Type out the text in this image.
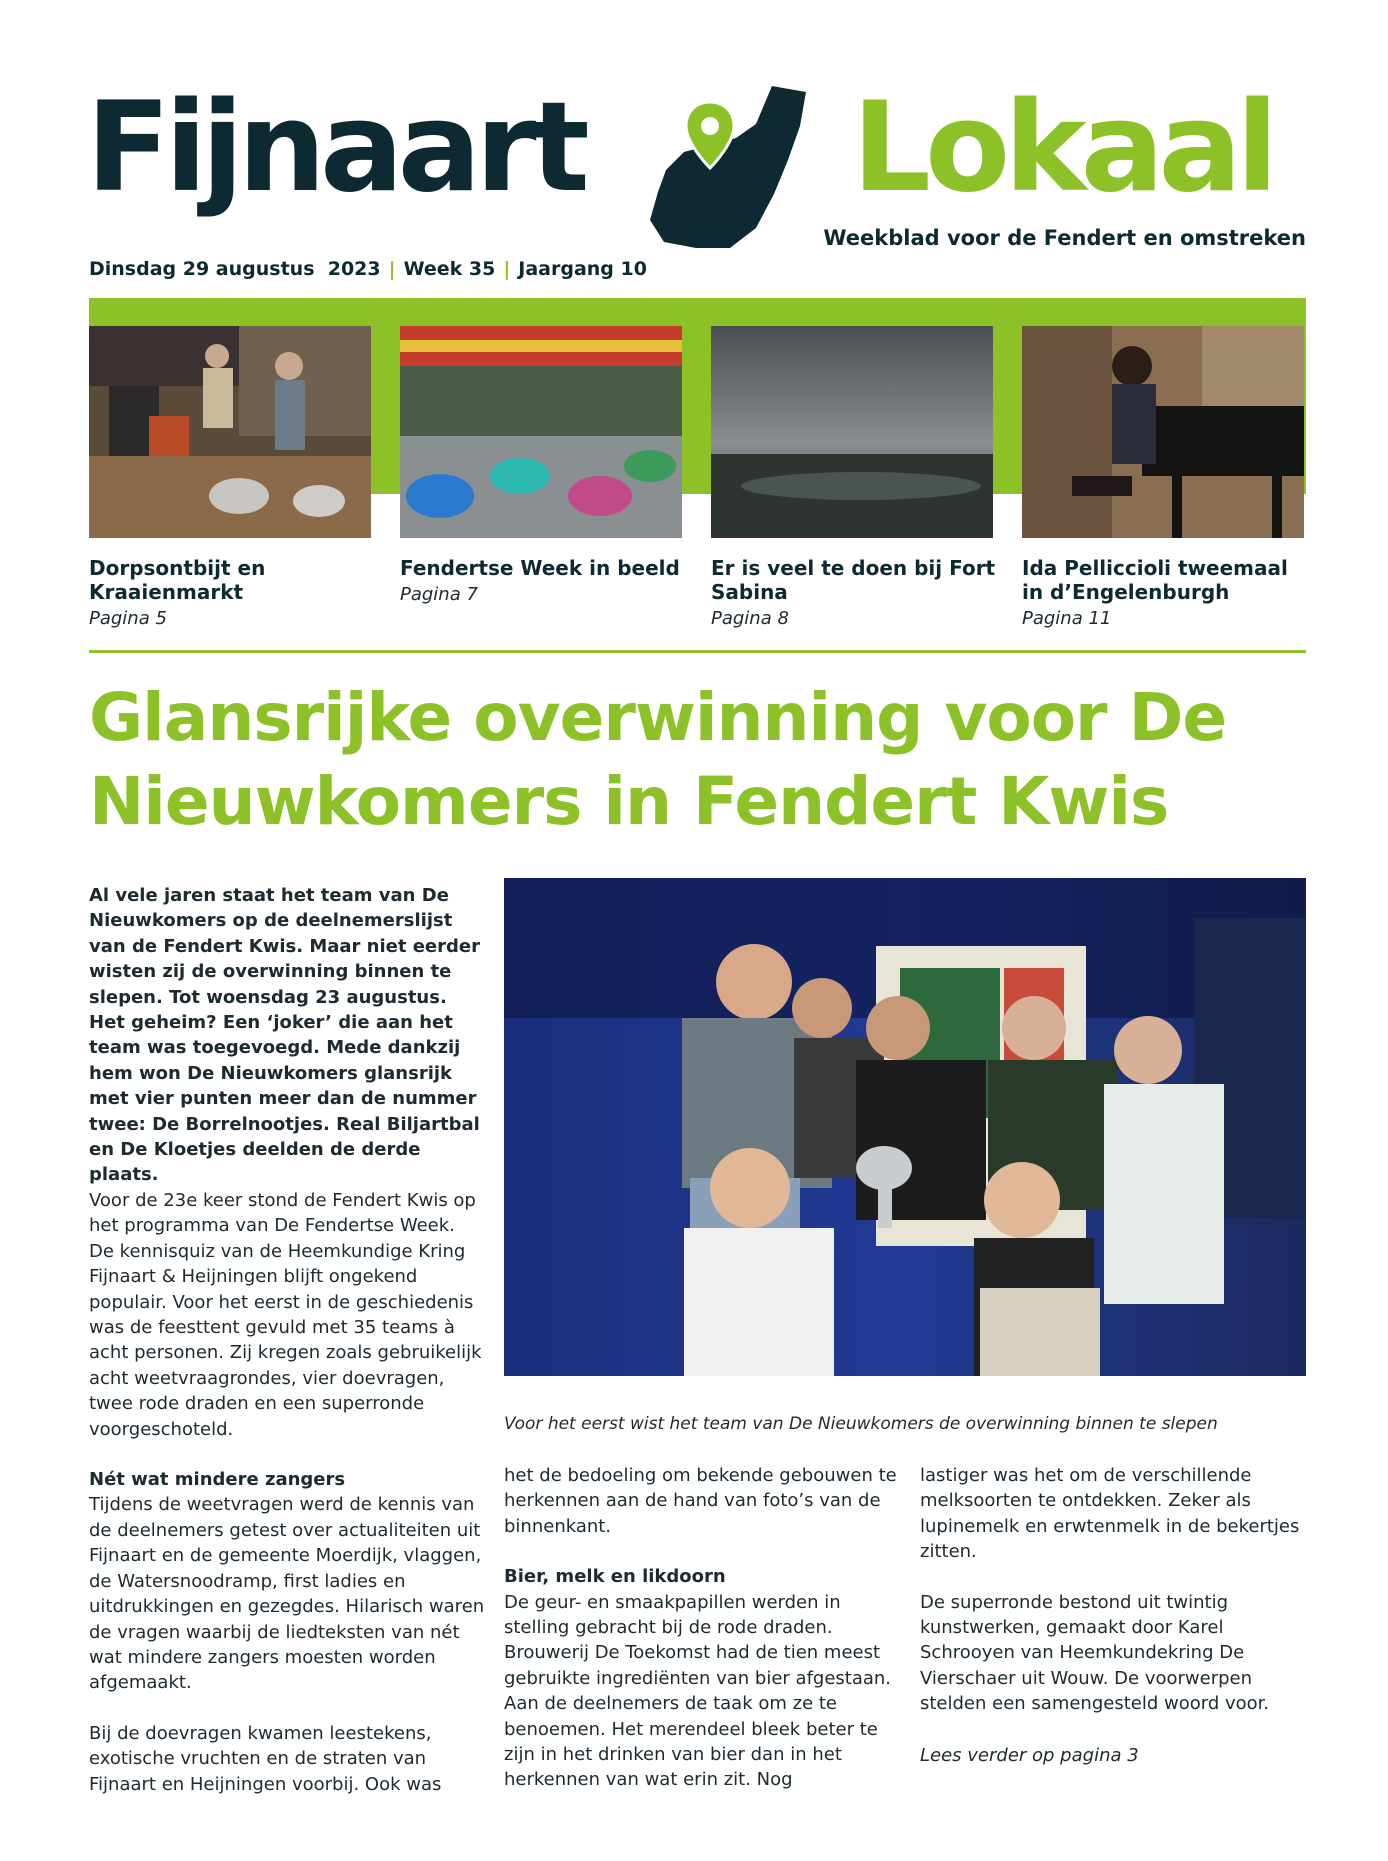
Fijnaart Lokaal
Weekblad voor de Fendert en omstreken
Dinsdag 29 augustus  2023 | Week 35 | Jaargang 10
Dorpsontbijt en Kraaienmarkt
Pagina 5
Fendertse Week in beeld
Pagina 7
Er is veel te doen bij Fort Sabina
Pagina 8
Ida Pelliccioli tweemaal in d’Engelenburgh
Pagina 11
Glansrijke overwinning voor De Nieuwkomers in Fendert Kwis
Al vele jaren staat het team van De Nieuwkomers op de deelnemerslijst van de Fendert Kwis. Maar niet eerder wisten zij de overwinning binnen te slepen. Tot woensdag 23 augustus. Het geheim? Een ‘joker’ die aan het team was toegevoegd. Mede dankzij hem won De Nieuwkomers glansrijk met vier punten meer dan de nummer twee: De Borrelnootjes. Real Biljartbal en De Kloetjes deelden de derde plaats.
Voor het eerst wist het team van De Nieuwkomers de overwinning binnen te slepen

Voor de 23e keer stond de Fendert Kwis op het programma van De Fendertse Week. De kennisquiz van de Heemkundige Kring Fijnaart & Heijningen blijft ongekend populair. Voor het eerst in de geschiedenis was de feesttent gevuld met 35 teams à acht personen. Zij kregen zoals gebruikelijk acht weetvraagrondes, vier doevragen, twee rode draden en een superronde voorgeschoteld.

Nét wat mindere zangers

Tijdens de weetvragen werd de kennis van de deelnemers getest over actualiteiten uit Fijnaart en de gemeente Moerdijk, vlaggen, de Watersnoodramp, first ladies en uitdrukkingen en gezegdes. Hilarisch waren de vragen waarbij de liedteksten van nét wat mindere zangers moesten worden afgemaakt.

Bij de doevragen kwamen leestekens, exotische vruchten en de straten van Fijnaart en Heijningen voorbij. Ook was

het de bedoeling om bekende gebouwen te herkennen aan de hand van foto’s van de binnenkant.

Bier, melk en likdoorn

De geur- en smaakpapillen werden in stelling gebracht bij de rode draden. Brouwerij De Toekomst had de tien meest gebruikte ingrediënten van bier afgestaan. Aan de deelnemers de taak om ze te benoemen. Het merendeel bleek beter te zijn in het drinken van bier dan in het herkennen van wat erin zit. Nog

lastiger was het om de verschillende melksoorten te ontdekken. Zeker als lupinemelk en erwtenmelk in de bekertjes zitten.

De superronde bestond uit twintig kunstwerken, gemaakt door Karel Schrooyen van Heemkundekring De Vierschaer uit Wouw. De voorwerpen stelden een samengesteld woord voor.

Lees verder op pagina 3
